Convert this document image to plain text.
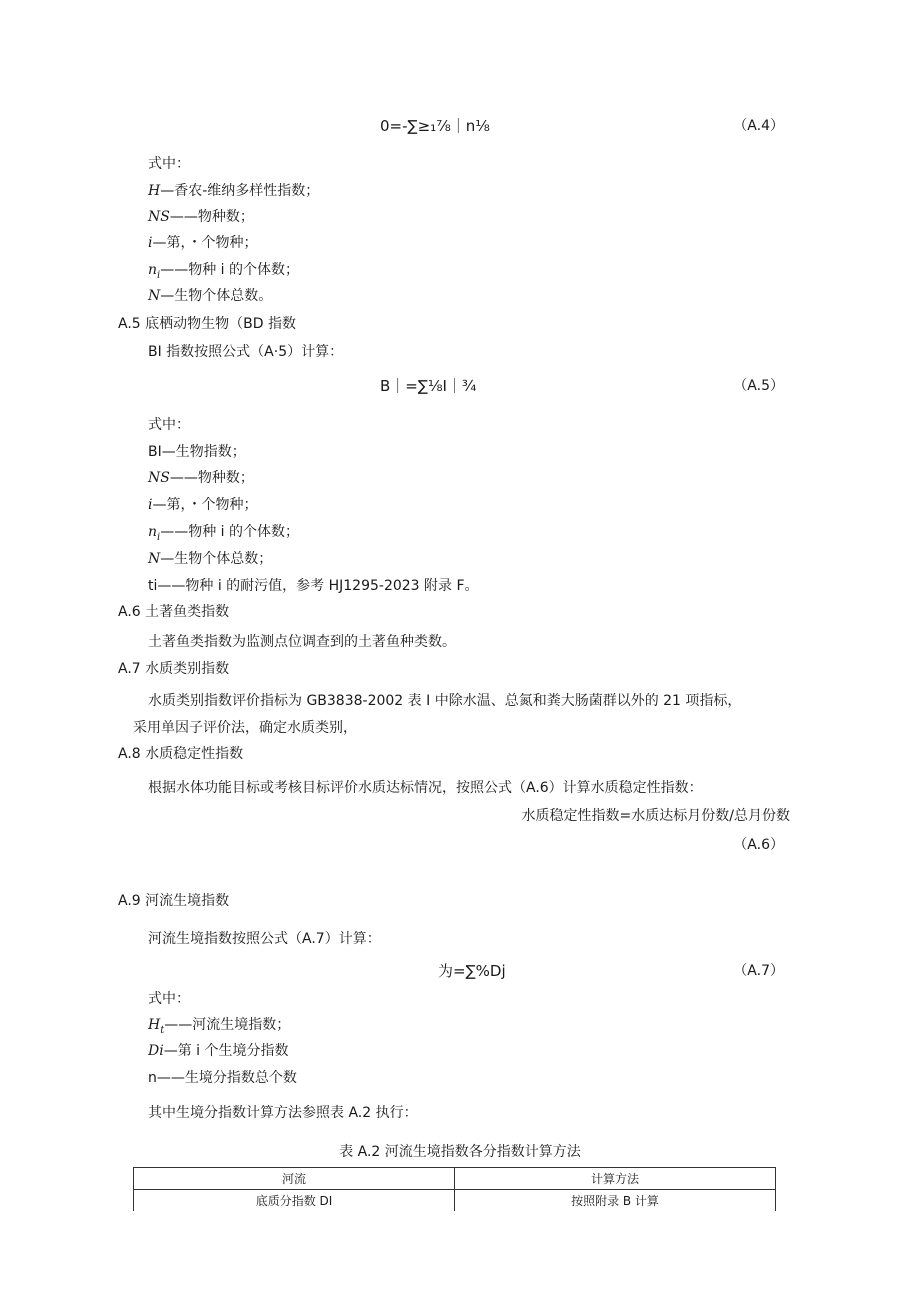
0=-∑≥₁⅞｜n⅛	（A.4）
式中：
H—香农-维纳多样性指数；
NS——物种数；
i—第，・个物种；
$n_i——$物种 i 的个体数；
N—生物个体总数。
A.5 底栖动物生物（BD 指数
BI 指数按照公式（A·5）计算：
B｜=∑⅛I｜¾	（A.5）
式中：
BI—生物指数；
NS——物种数；
i—第，・个物种；
$n_i——$物种 i 的个体数；
N—生物个体总数；
ti——物种 i 的耐污值，参考 HJ1295-2023 附录 F。
A.6 土著鱼类指数
土著鱼类指数为监测点位调查到的土著鱼种类数。
A.7 水质类别指数
水质类别指数评价指标为 GB3838-2002 表 I 中除水温、总氮和粪大肠菌群以外的 21 项指标，
采用单因子评价法，确定水质类别，
A.8 水质稳定性指数
根据水体功能目标或考核目标评价水质达标情况，按照公式（A.6）计算水质稳定性指数：
水质稳定性指数=水质达标月份数/总月份数
（A.6）
A.9 河流生境指数
河流生境指数按照公式（A.7）计算：
为=∑%Dj	（A.7）
式中：
$H_t——$河流生境指数；
Di—第 i 个生境分指数
n——生境分指数总个数
其中生境分指数计算方法参照表 A.2 执行：
表 A.2 河流生境指数各分指数计算方法
河流	计算方法
底质分指数 DI	按照附录 B 计算
